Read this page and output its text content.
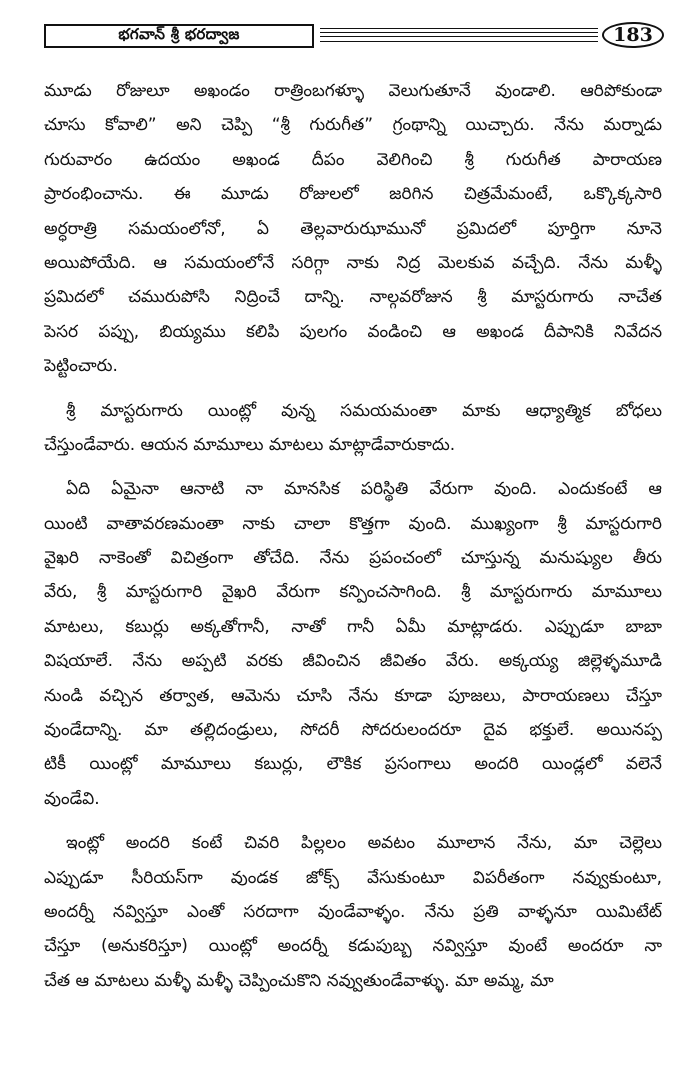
భగవాన్ శ్రీ భరద్వాజ	183
మూడు రోజులూ అఖండం రాత్రింబగళ్ళూ వెలుగుతూనే వుండాలి. ఆరిపోకుండా
చూసు కోవాలి” అని చెప్పి “శ్రీ గురుగీత” గ్రంథాన్ని యిచ్చారు. నేను మర్నాడు
గురువారం ఉదయం అఖండ దీపం వెలిగించి శ్రీ గురుగీత పారాయణ
ప్రారంభించాను. ఈ మూడు రోజులలో జరిగిన చిత్రమేమంటే, ఒక్కొక్కసారి
అర్ధరాత్రి సమయంలోనో, ఏ తెల్లవారుఝామునో ప్రమిదలో పూర్తిగా నూనె
అయిపోయేది. ఆ సమయంలోనే సరిగ్గా నాకు నిద్ర మెలకువ వచ్చేది. నేను మళ్ళీ
ప్రమిదలో చమురుపోసి నిద్రించే దాన్ని. నాల్గవరోజున శ్రీ మాస్టరుగారు నాచేత
పెసర పప్పు, బియ్యము కలిపి పులగం వండించి ఆ అఖండ దీపానికి నివేదన
పెట్టించారు.
శ్రీ మాస్టరుగారు యింట్లో వున్న సమయమంతా మాకు ఆధ్యాత్మిక బోధలు
చేస్తుండేవారు. ఆయన మామూలు మాటలు మాట్లాడేవారుకాదు.
ఏది ఏమైనా ఆనాటి నా మానసిక పరిస్థితి వేరుగా వుంది. ఎందుకంటే ఆ
యింటి వాతావరణమంతా నాకు చాలా కొత్తగా వుంది. ముఖ్యంగా శ్రీ మాస్టరుగారి
వైఖరి నాకెంతో విచిత్రంగా తోచేది. నేను ప్రపంచంలో చూస్తున్న మనుష్యుల తీరు
వేరు, శ్రీ మాస్టరుగారి వైఖరి వేరుగా కన్పించసాగింది. శ్రీ మాస్టరుగారు మామూలు
మాటలు, కబుర్లు అక్కతోగానీ, నాతో గానీ ఏమీ మాట్లాడరు. ఎప్పుడూ బాబా
విషయాలే. నేను అప్పటి వరకు జీవించిన జీవితం వేరు. అక్కయ్య జిల్లెళ్ళమూడి
నుండి వచ్చిన తర్వాత, ఆమెను చూసి నేను కూడా పూజలు, పారాయణలు చేస్తూ
వుండేదాన్ని. మా తల్లిదండ్రులు, సోదరీ సోదరులందరూ దైవ భక్తులే. అయినప్ప
టికీ యింట్లో మామూలు కబుర్లు, లౌకిక ప్రసంగాలు అందరి యిండ్లలో వలెనే
వుండేవి.
ఇంట్లో అందరి కంటే చివరి పిల్లలం అవటం మూలాన నేను, మా చెల్లెలు
ఎప్పుడూ సీరియస్‌గా వుండక జోక్స్ వేసుకుంటూ విపరీతంగా నవ్వుకుంటూ,
అందర్నీ నవ్విస్తూ ఎంతో సరదాగా వుండేవాళ్ళం. నేను ప్రతి వాళ్ళనూ యిమిటేట్
చేస్తూ (అనుకరిస్తూ) యింట్లో అందర్నీ కడుపుబ్బ నవ్విస్తూ వుంటే అందరూ నా
చేత ఆ మాటలు మళ్ళీ మళ్ళీ చెప్పించుకొని నవ్వుతుండేవాళ్ళు. మా అమ్మ, మా
